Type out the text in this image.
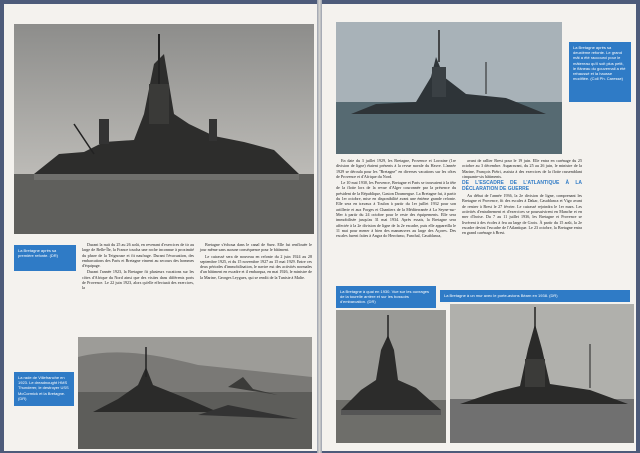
La Bretagne après sa première refonte. (DR)

Durant la nuit du 25 au 26 août, en revenant d'exercices de tir au large de Belle-Île, la France toucha une roche inconnue à proximité du phare de la Teignouse et fit naufrage. Durant l'évacuation, des embarcations des Paris et Bretagne vinrent au secours des hommes d'équipage.

Durant l'année 1923, la Bretagne fit plusieurs vacations sur les côtes d'Afrique du Nord ainsi que des visites dans différents ports de Provence. Le 22 juin 1923, alors qu'elle effectuait des exercices, la

Bretagne s'échoua dans le canal de Suez. Elle fut renflouée le jour même sans aucune conséquence pour le bâtiment.

Le cuirassé sera de nouveau en refonte du 2 juin 1924 au 28 septembre 1925, et du 15 novembre 1927 au 15 mai 1929. Entre ces deux périodes d'immobilisation, le navire eut des activités normales d'un bâtiment en escadre et il embarqua, en mai 1926, le ministre de la Marine, Georges Leygues, qui se rendit de la Tunisie à Malte.

La rade de Villefranche en 1923. Le dreadnought HMS Thunderer, le destroyer USS McCormick et la Bretagne. (DR)
La Bretagne après sa deuxième refonte. Le grand mât a été raccourci pour le mâtereau qu'il soit plus petit, le flâneau du gouvernail a été rehaussé et la hausse modifiée. (Coll Ph. Caresse)

En date du 3 juillet 1929, les Bretagne, Provence et Lorraine (1re division de ligne) étaient présents à la revue navale du Havre. L'année 1929 se déroula pour les "Bretagne" en diverses vacations sur les côtes de Provence et d'Afrique du Nord.

Le 10 mai 1930, les Provence, Bretagne et Paris se trouvaient à la tête de la flotte lors de la revue d'Alger couronnée par la présence du président de la République, Gaston Doumergue. La Bretagne fut, à partir du 1er octobre, mise en disponibilité avant une énième grande refonte. Elle sera en travaux à Toulon à partir du 1er juillet 1932 pour son artillerie et aux Forges et Chantiers de la Méditerranée à La Seyne-sur-Mer à partir du 24 octobre pour le reste des équipements. Elle sera immobilisée jusqu'au 31 mai 1934. Après essais, la Bretagne sera affectée à la 2e division de ligne de la 2e escadre, puis elle appareilla le 11 mai pour mener à bien des manœuvres au large des Açores. Des escales furent faites à Angra do Heroísmo, Funchal, Casablanca,

avant de rallier Brest pour le 19 juin. Elle entra en carénage du 25 octobre au 3 décembre. Auparavant, du 25 au 26 juin, le ministre de la Marine, François Piétri, assista à des exercices de la flotte rassemblant cinquante-six bâtiments.

DE L'ESCADRE DE L'ATLANTIQUE À LA DÉCLARATION DE GUERRE

Au début de l'année 1936, la 2e division de ligne, comprenant les Bretagne et Provence, fit des escales à Dakar, Casablanca et Vigo avant de rentrer à Brest le 27 février. Le cuirassé rejoindra le 1er mars. Les activités d'entraînement et d'exercices se poursuivirent en Manche et en mer d'Iroise. Du 7 au 11 juillet 1936, les Bretagne et Provence se livrèrent à des écoles à feu au large de Groix. À partir du 15 août, la 2e escadre devint l'escadre de l'Atlantique. Le 23 octobre, la Bretagne entra en grand carénage à Brest.

La Bretagne à quai en 1930. Vue sur les ouvrages de la tourelle arrière et sur les bossoirs d'embarcation. (DR)
La Bretagne à un mur avec le porte-avions Béarn en 1938. (DR)
